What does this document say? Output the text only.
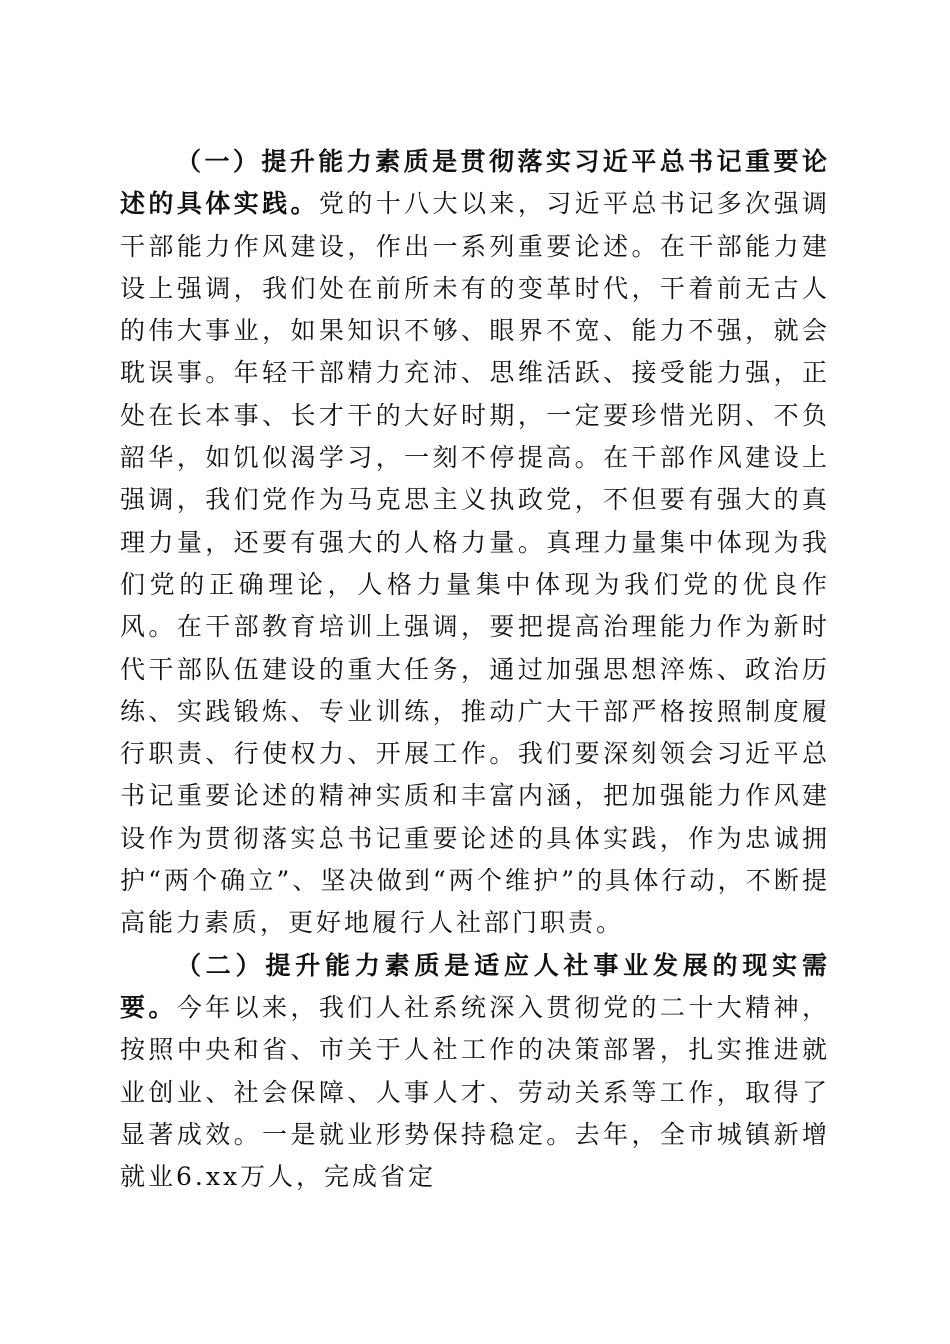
（一）提升能力素质是贯彻落实习近平总书记重要论述的具体实践。党的十八大以来，习近平总书记多次强调干部能力作风建设，作出一系列重要论述。在干部能力建设上强调，我们处在前所未有的变革时代，干着前无古人的伟大事业，如果知识不够、眼界不宽、能力不强，就会耽误事。年轻干部精力充沛、思维活跃、接受能力强，正处在长本事、长才干的大好时期，一定要珍惜光阴、不负韶华，如饥似渴学习，一刻不停提高。在干部作风建设上强调，我们党作为马克思主义执政党，不但要有强大的真理力量，还要有强大的人格力量。真理力量集中体现为我们党的正确理论，人格力量集中体现为我们党的优良作风。在干部教育培训上强调，要把提高治理能力作为新时代干部队伍建设的重大任务，通过加强思想淬炼、政治历练、实践锻炼、专业训练，推动广大干部严格按照制度履行职责、行使权力、开展工作。我们要深刻领会习近平总书记重要论述的精神实质和丰富内涵，把加强能力作风建设作为贯彻落实总书记重要论述的具体实践，作为忠诚拥护“两个确立”、坚决做到“两个维护”的具体行动，不断提高能力素质，更好地履行人社部门职责。

（二）提升能力素质是适应人社事业发展的现实需要。今年以来，我们人社系统深入贯彻党的二十大精神，按照中央和省、市关于人社工作的决策部署，扎实推进就业创业、社会保障、人事人才、劳动关系等工作，取得了显著成效。一是就业形势保持稳定。去年，全市城镇新增就业6.xx万人，完成省定
